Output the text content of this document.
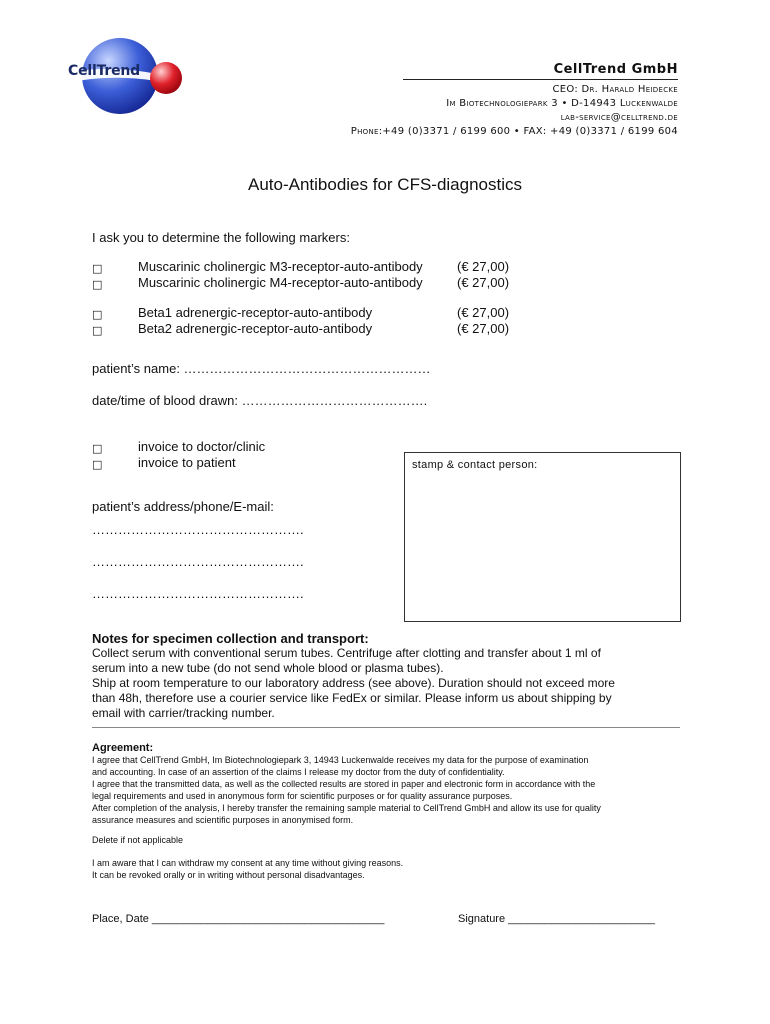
CellTrend	CellTrend GmbH
CEO: Dr. Harald Heidecke
Im Biotechnologiepark 3 • D-14943 Luckenwalde
lab-service@celltrend.de
Phone:+49 (0)3371 / 6199 600 • FAX: +49 (0)3371 / 6199 604
Auto-Antibodies for CFS-diagnostics
I ask you to determine the following markers:
□	Muscarinic cholinergic M3-receptor-auto-antibody	(€ 27,00)
□	Muscarinic cholinergic M4-receptor-auto-antibody	(€ 27,00)
□	Beta1 adrenergic-receptor-auto-antibody	(€ 27,00)
□	Beta2 adrenergic-receptor-auto-antibody	(€ 27,00)
patient’s name: …………………………………………………
date/time of blood drawn: …………………………………….
□	invoice to doctor/clinic
□	invoice to patient	stamp & contact person:
patient’s address/phone/E-mail:
………………………………………….
………………………………………….
………………………………………….
Notes for specimen collection and transport:
Collect serum with conventional serum tubes. Centrifuge after clotting and transfer about 1 ml of
serum into a new tube (do not send whole blood or plasma tubes).
Ship at room temperature to our laboratory address (see above). Duration should not exceed more
than 48h, therefore use a courier service like FedEx or similar. Please inform us about shipping by
email with carrier/tracking number.
Agreement:
I agree that CellTrend GmbH, Im Biotechnologiepark 3, 14943 Luckenwalde receives my data for the purpose of examination
and accounting. In case of an assertion of the claims I release my doctor from the duty of confidentiality.
I agree that the transmitted data, as well as the collected results are stored in paper and electronic form in accordance with the
legal requirements and used in anonymous form for scientific purposes or for quality assurance purposes.
After completion of the analysis, I hereby transfer the remaining sample material to CellTrend GmbH and allow its use for quality
assurance measures and scientific purposes in anonymised form.
Delete if not applicable
I am aware that I can withdraw my consent at any time without giving reasons.
It can be revoked orally or in writing without personal disadvantages.
Place, Date ______________________________________	Signature ________________________
